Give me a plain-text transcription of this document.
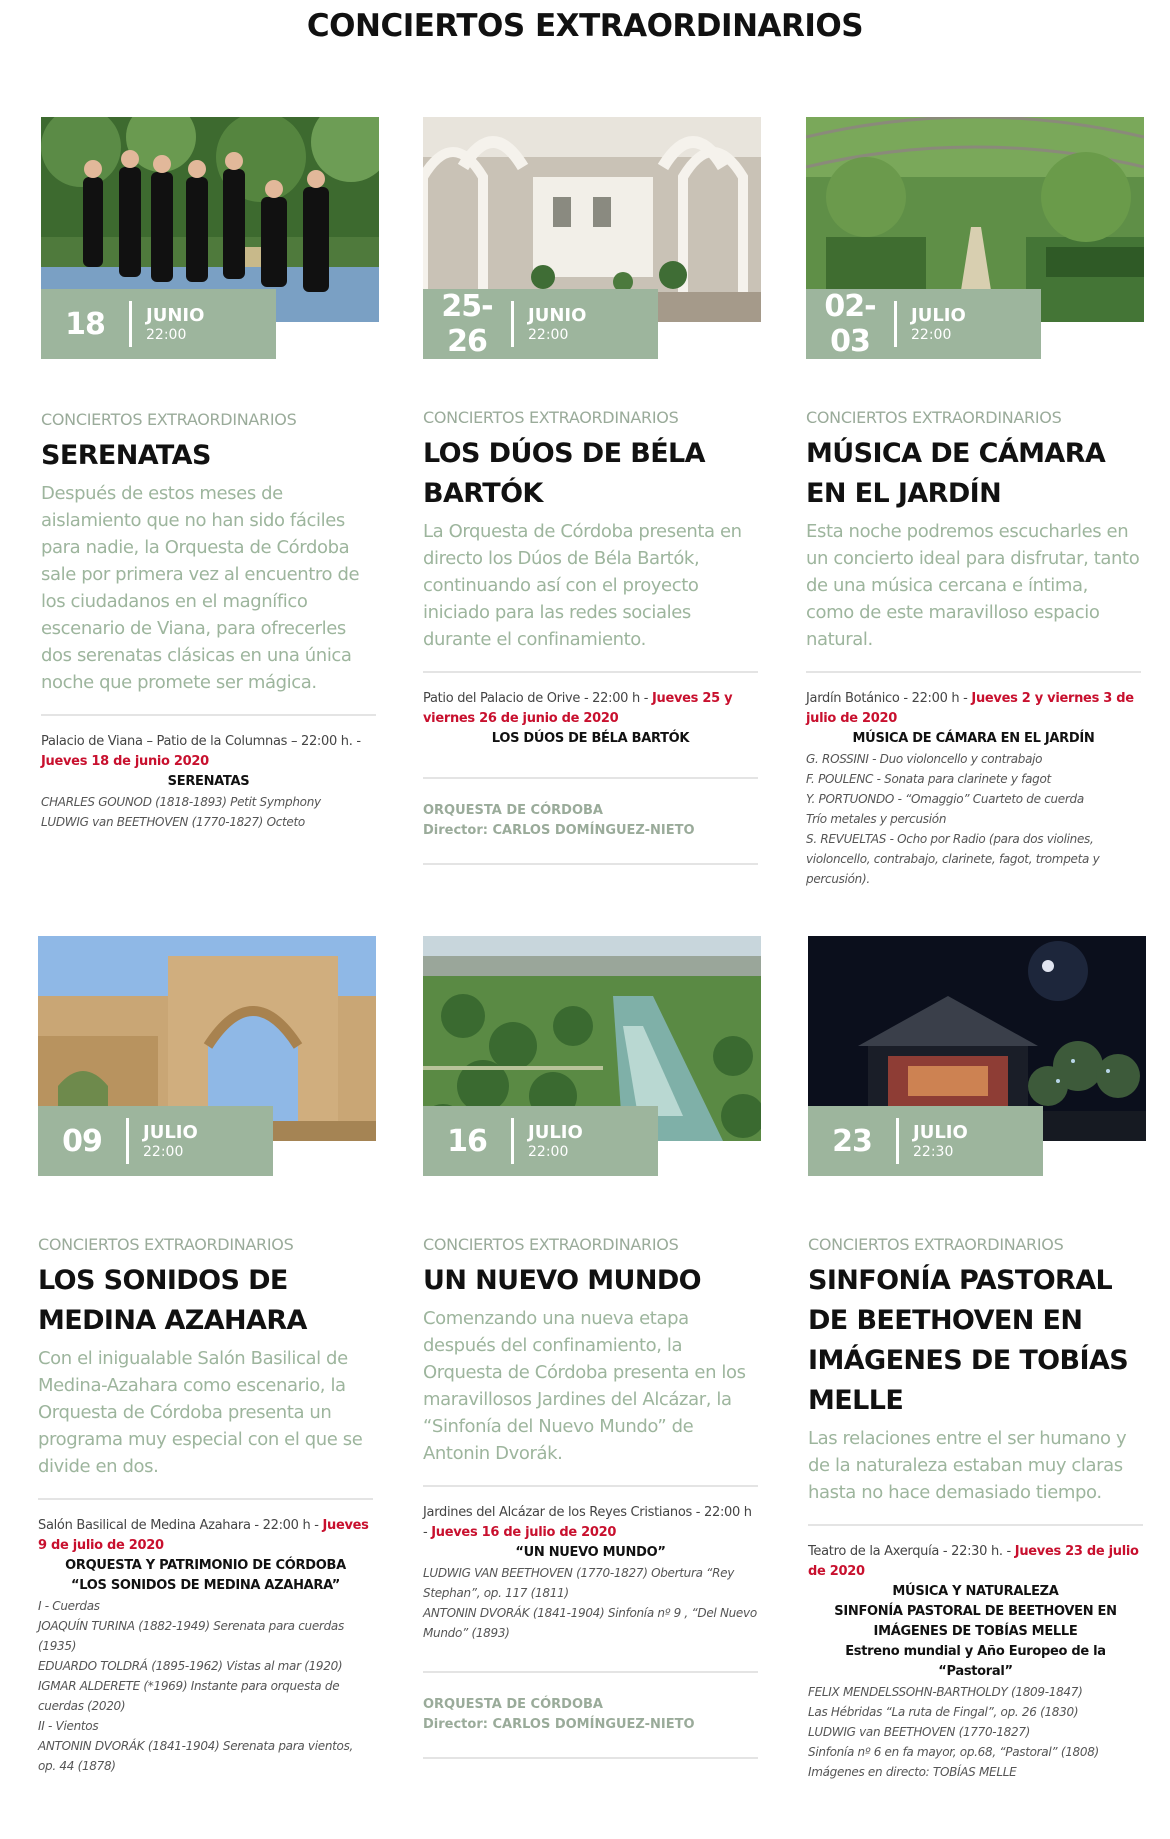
CONCIERTOS EXTRAORDINARIOS
18	JUNIO
22:00
CONCIERTOS EXTRAORDINARIOS
SERENATAS

Después de estos meses de aislamiento que no han sido fáciles para nadie, la Orquesta de Córdoba sale por primera vez al encuentro de los ciudadanos en el magnífico escenario de Viana, para ofrecerles dos serenatas clásicas en una única noche que promete ser mágica.

Palacio de Viana – Patio de la Columnas – 22:00 h. - Jueves 18 de junio 2020
SERENATAS
CHARLES GOUNOD (1818-1893) Petit Symphony
LUDWIG van BEETHOVEN (1770-1827) Octeto
25-26
JUNIO
22:00
CONCIERTOS EXTRAORDINARIOS
LOS DÚOS DE BÉLA BARTÓK

La Orquesta de Córdoba presenta en directo los Dúos de Béla Bartók, continuando así con el proyecto iniciado para las redes sociales durante el confinamiento.

Patio del Palacio de Orive - 22:00 h - Jueves 25 y viernes 26 de junio de 2020
LOS DÚOS DE BÉLA BARTÓK
ORQUESTA DE CÓRDOBA
Director: CARLOS DOMÍNGUEZ-NIETO
02-03
JULIO
22:00
CONCIERTOS EXTRAORDINARIOS
MÚSICA DE CÁMARA EN EL JARDÍN

Esta noche podremos escucharles en un concierto ideal para disfrutar, tanto de una música cercana e íntima, como de este maravilloso espacio natural.

Jardín Botánico - 22:00 h - Jueves 2 y viernes 3 de julio de 2020
MÚSICA DE CÁMARA EN EL JARDÍN
G. ROSSINI - Duo violoncello y contrabajo
F. POULENC - Sonata para clarinete y fagot
Y. PORTUONDO - “Omaggio” Cuarteto de cuerda
Trío metales y percusión
S. REVUELTAS - Ocho por Radio (para dos violines, violoncello, contrabajo, clarinete, fagot, trompeta y percusión).
09	JULIO
22:00
CONCIERTOS EXTRAORDINARIOS
LOS SONIDOS DE MEDINA AZAHARA

Con el inigualable Salón Basilical de Medina-Azahara como escenario, la Orquesta de Córdoba presenta un programa muy especial con el que se divide en dos.

Salón Basilical de Medina Azahara - 22:00 h - Jueves 9 de julio de 2020
ORQUESTA Y PATRIMONIO DE CÓRDOBA
“LOS SONIDOS DE MEDINA AZAHARA”
I - Cuerdas
JOAQUÍN TURINA (1882-1949) Serenata para cuerdas (1935)
EDUARDO TOLDRÁ (1895-1962) Vistas al mar (1920)
IGMAR ALDERETE (*1969) Instante para orquesta de cuerdas (2020)
II - Vientos
ANTONIN DVORÁK (1841-1904) Serenata para vientos, op. 44 (1878)
16	JULIO
22:00
CONCIERTOS EXTRAORDINARIOS
UN NUEVO MUNDO

Comenzando una nueva etapa después del confinamiento, la Orquesta de Córdoba presenta en los maravillosos Jardines del Alcázar, la “Sinfonía del Nuevo Mundo” de Antonin Dvorák.

Jardines del Alcázar de los Reyes Cristianos - 22:00 h - Jueves 16 de julio de 2020
“UN NUEVO MUNDO”
LUDWIG VAN BEETHOVEN (1770-1827) Obertura “Rey Stephan”, op. 117 (1811)
ANTONIN DVORÁK (1841-1904) Sinfonía nº 9 , “Del Nuevo Mundo” (1893)
ORQUESTA DE CÓRDOBA
Director: CARLOS DOMÍNGUEZ-NIETO
23	JULIO
22:30
CONCIERTOS EXTRAORDINARIOS
SINFONÍA PASTORAL DE BEETHOVEN EN IMÁGENES DE TOBÍAS MELLE

Las relaciones entre el ser humano y de la naturaleza estaban muy claras hasta no hace demasiado tiempo.

Teatro de la Axerquía - 22:30 h. - Jueves 23 de julio de 2020
MÚSICA Y NATURALEZA
SINFONÍA PASTORAL DE BEETHOVEN EN IMÁGENES DE TOBÍAS MELLE
Estreno mundial y Año Europeo de la “Pastoral”
FELIX MENDELSSOHN-BARTHOLDY (1809-1847)
Las Hébridas “La ruta de Fingal”, op. 26 (1830)
LUDWIG van BEETHOVEN (1770-1827)
Sinfonía nº 6 en fa mayor, op.68, “Pastoral” (1808)
Imágenes en directo: TOBÍAS MELLE
